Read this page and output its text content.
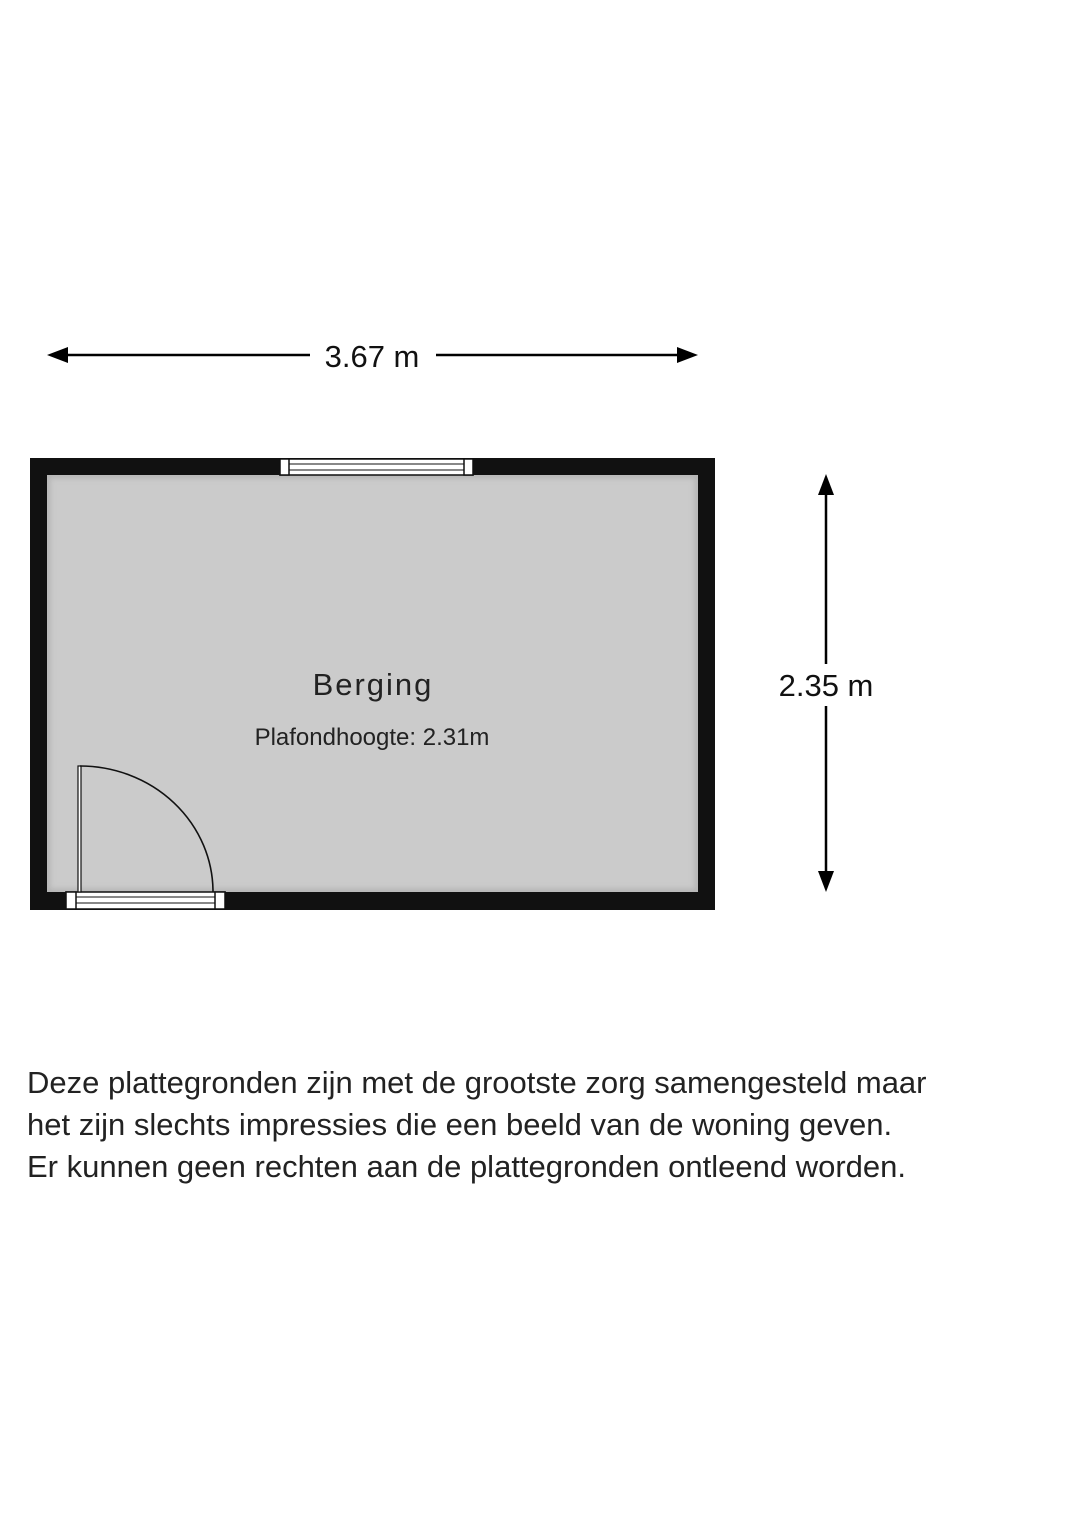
3.67 m
2.35 m
Berging
Plafondhoogte: 2.31m

Deze plattegronden zijn met de grootste zorg samengesteld maar
het zijn slechts impressies die een beeld van de woning geven.
Er kunnen geen rechten aan de plattegronden ontleend worden.
